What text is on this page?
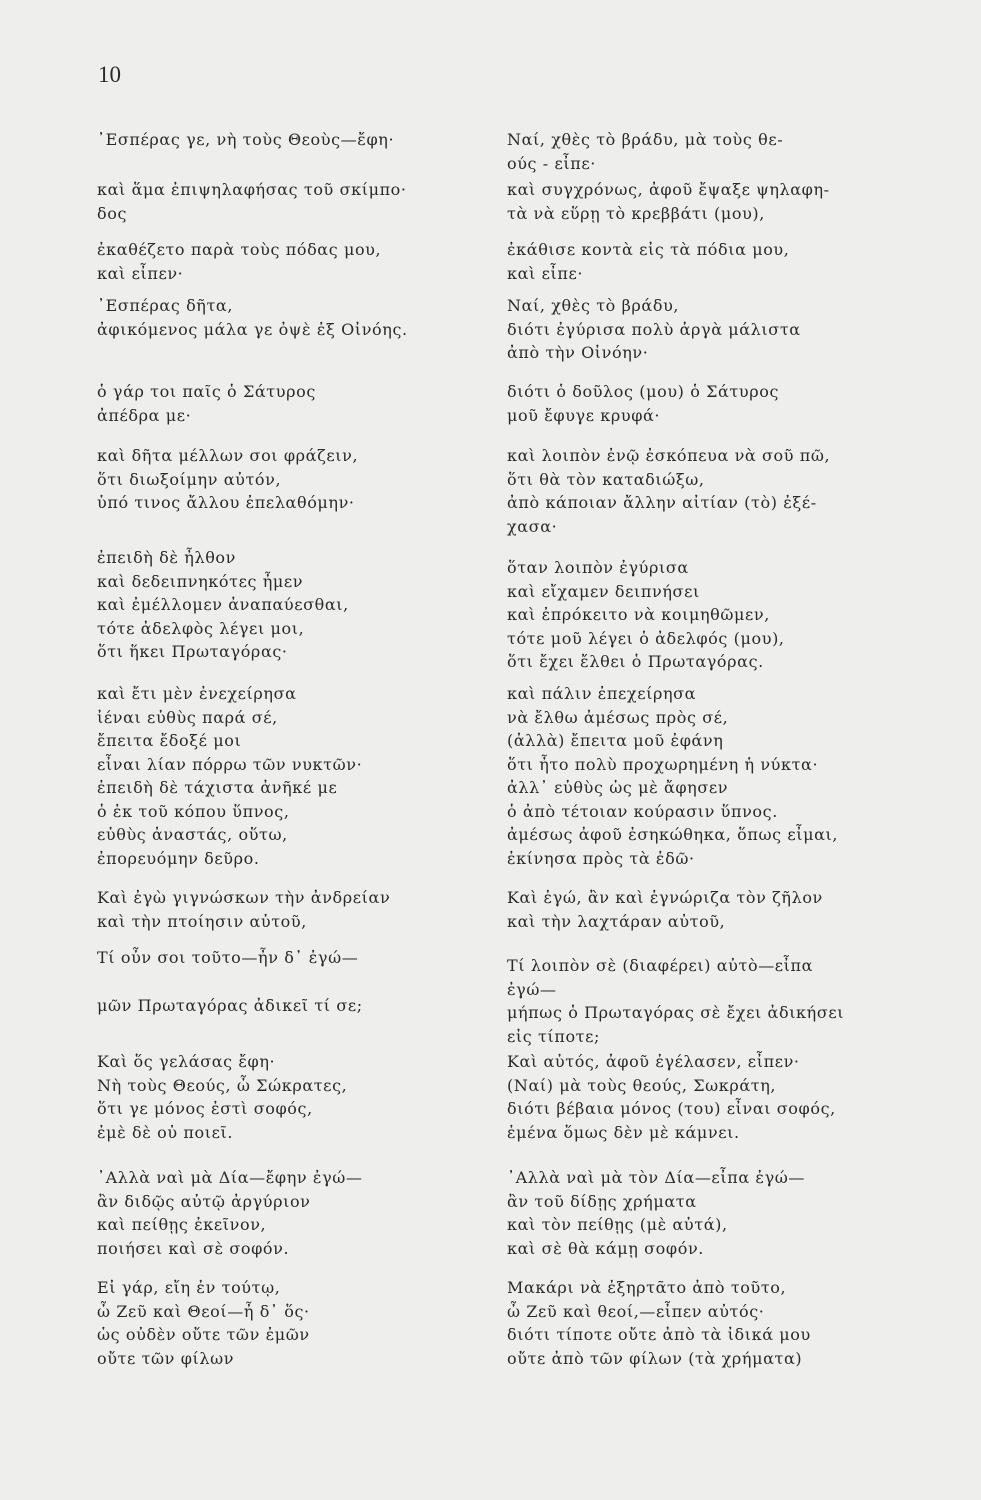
10
᾿Εσπέρας γε, νὴ τοὺς Θεοὺς—ἔφη·
καὶ ἅμα ἐπιψηλαφήσας τοῦ σκίμπο·
δος
ἐκαθέζετο παρὰ τοὺς πόδας μου,
καὶ εἶπεν·
᾿Εσπέρας δῆτα,
ἀφικόμενος μάλα γε ὀψὲ ἐξ Οἰνόης.
ὁ γάρ τοι παῖς ὁ Σάτυρος
ἀπέδρα με·
καὶ δῆτα μέλλων σοι φράζειν,
ὅτι διωξοίμην αὐτόν,
ὑπό τινος ἄλλου ἐπελαθόμην·
ἐπειδὴ δὲ ἦλθον
καὶ δεδειπνηκότες ἦμεν
καὶ ἐμέλλομεν ἀναπαύεσθαι,
τότε ἀδελφὸς λέγει μοι,
ὅτι ἥκει Πρωταγόρας·
καὶ ἔτι μὲν ἐνεχείρησα
ἰέναι εὐθὺς παρά σέ,
ἔπειτα ἔδοξέ μοι
εἶναι λίαν πόρρω τῶν νυκτῶν·
ἐπειδὴ δὲ τάχιστα ἀνῆκέ με
ὁ ἐκ τοῦ κόπου ὕπνος,
εὐθὺς ἀναστάς, οὕτω,
ἐπορευόμην δεῦρο.
Καὶ ἐγὼ γιγνώσκων τὴν ἀνδρείαν
καὶ τὴν πτοίησιν αὐτοῦ,
Τί οὖν σοι τοῦτο—ἦν δ᾿ ἐγώ—
μῶν Πρωταγόρας ἀδικεῖ τί σε;
Καὶ ὅς γελάσας ἔφη·
Νὴ τοὺς Θεούς, ὦ Σώκρατες,
ὅτι γε μόνος ἐστὶ σοφός,
ἐμὲ δὲ οὐ ποιεῖ.
᾿Αλλὰ ναὶ μὰ Δία—ἔφην ἐγώ—
ἂν διδῷς αὐτῷ ἀργύριον
καὶ πείθῃς ἐκεῖνον,
ποιήσει καὶ σὲ σοφόν.
Εἰ γάρ, εἴη ἐν τούτῳ,
ὦ Ζεῦ καὶ Θεοί—ἦ δ᾿ ὅς·
ὡς οὐδὲν οὔτε τῶν ἐμῶν
οὔτε τῶν φίλων
Ναί, χθὲς τὸ βράδυ, μὰ τοὺς θε-
ούς - εἶπε·
καὶ συγχρόνως, ἀφοῦ ἔψαξε ψηλαφη-
τὰ νὰ εὕρῃ τὸ κρεββάτι (μου),
ἐκάθισε κοντὰ εἰς τὰ πόδια μου,
καὶ εἶπε·
Ναί, χθὲς τὸ βράδυ,
διότι ἐγύρισα πολὺ ἀργὰ μάλιστα
ἀπὸ τὴν Οἰνόην·
διότι ὁ δοῦλος (μου) ὁ Σάτυρος
μοῦ ἔφυγε κρυφά·
καὶ λοιπὸν ἐνῷ ἐσκόπευα νὰ σοῦ πῶ,
ὅτι θὰ τὸν καταδιώξω,
ἀπὸ κάποιαν ἄλλην αἰτίαν (τὸ) ἐξέ-
χασα·
ὅταν λοιπὸν ἐγύρισα
καὶ εἴχαμεν δειπνήσει
καὶ ἐπρόκειτο νὰ κοιμηθῶμεν,
τότε μοῦ λέγει ὁ ἀδελφός (μου),
ὅτι ἔχει ἔλθει ὁ Πρωταγόρας.
καὶ πάλιν ἐπεχείρησα
νὰ ἔλθω ἀμέσως πρὸς σέ,
(ἀλλὰ) ἔπειτα μοῦ ἐφάνη
ὅτι ἦτο πολὺ προχωρημένη ἡ νύκτα·
ἀλλ᾿ εὐθὺς ὡς μὲ ἄφησεν
ὁ ἀπὸ τέτοιαν κούρασιν ὕπνος.
ἀμέσως ἀφοῦ ἐσηκώθηκα, ὅπως εἶμαι,
ἐκίνησα πρὸς τὰ ἐδῶ·
Καὶ ἐγώ, ἂν καὶ ἐγνώριζα τὸν ζῆλον
καὶ τὴν λαχτάραν αὐτοῦ,
Τί λοιπὸν σὲ (διαφέρει) αὐτὸ—εἶπα
ἐγώ—
μήπως ὁ Πρωταγόρας σὲ ἔχει ἀδικήσει
εἰς τίποτε;
Καὶ αὐτός, ἀφοῦ ἐγέλασεν, εἶπεν·
(Ναί) μὰ τοὺς θεούς, Σωκράτη,
διότι βέβαια μόνος (του) εἶναι σοφός,
ἐμένα ὅμως δὲν μὲ κάμνει.
᾿Αλλὰ ναὶ μὰ τὸν Δία—εἶπα ἐγώ—
ἂν τοῦ δίδῃς χρήματα
καὶ τὸν πείθῃς (μὲ αὐτά),
καὶ σὲ θὰ κάμῃ σοφόν.
Μακάρι νὰ ἐξηρτᾶτο ἀπὸ τοῦτο,
ὦ Ζεῦ καὶ θεοί,—εἶπεν αὐτός·
διότι τίποτε οὔτε ἀπὸ τὰ ἰδικά μου
οὔτε ἀπὸ τῶν φίλων (τὰ χρήματα)
